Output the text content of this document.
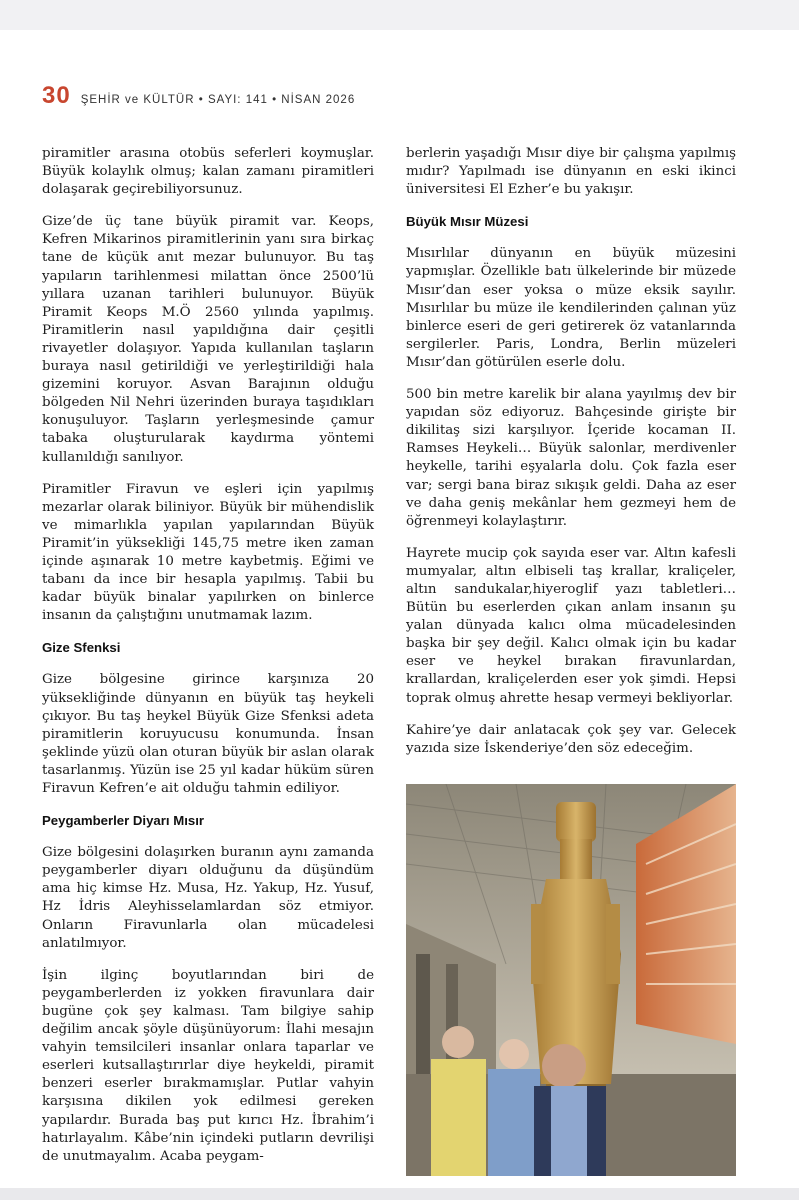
30 ŞEHİR ve KÜLTÜR • SAYI: 141 • NİSAN 2026

piramitler arasına otobüs seferleri koymuşlar. Büyük kolaylık olmuş; kalan zamanı piramitleri dolaşarak geçirebiliyorsunuz.

Gize’de üç tane büyük piramit var. Keops, Kefren Mikarinos piramitlerinin yanı sıra birkaç tane de küçük anıt mezar bulunuyor. Bu taş yapıların tarihlenmesi milattan önce 2500’lü yıllara uzanan tarihleri bulunuyor. Büyük Piramit Keops M.Ö 2560 yılında yapılmış. Piramitlerin nasıl yapıldığına dair çeşitli rivayetler dolaşıyor. Yapıda kullanılan taşların buraya nasıl getirildiği ve yerleştirildiği hala gizemini koruyor. Asvan Barajının olduğu bölgeden Nil Nehri üzerinden buraya taşıdıkları konuşuluyor. Taşların yerleşmesinde çamur tabaka oluşturularak kaydırma yöntemi kullanıldığı sanılıyor.

Piramitler Firavun ve eşleri için yapılmış mezarlar olarak biliniyor. Büyük bir mühendislik ve mimarlıkla yapılan yapılarından Büyük Piramit’in yüksekliği 145,75 metre iken zaman içinde aşınarak 10 metre kaybetmiş. Eğimi ve tabanı da ince bir hesapla yapılmış. Tabii bu kadar büyük binalar yapılırken on binlerce insanın da çalıştığını unutmamak lazım.

Gize Sfenksi

Gize bölgesine girince karşınıza 20 yüksekliğinde dünyanın en büyük taş heykeli çıkıyor. Bu taş heykel Büyük Gize Sfenksi adeta piramitlerin koruyucusu konumunda. İnsan şeklinde yüzü olan oturan büyük bir aslan olarak tasarlanmış. Yüzün ise 25 yıl kadar hüküm süren Firavun Kefren’e ait olduğu tahmin ediliyor.

Peygamberler Diyarı Mısır

Gize bölgesini dolaşırken buranın aynı zamanda peygamberler diyarı olduğunu da düşündüm ama hiç kimse Hz. Musa, Hz. Yakup, Hz. Yusuf, Hz İdris Aleyhisselamlardan söz etmiyor. Onların Firavunlarla olan mücadelesi anlatılmıyor.

İşin ilginç boyutlarından biri de peygamberlerden iz yokken firavunlara dair bugüne çok şey kalması. Tam bilgiye sahip değilim ancak şöyle düşünüyorum: İlahi mesajın vahyin temsilcileri insanlar onlara taparlar ve eserleri kutsallaştırırlar diye heykeldi, piramit benzeri eserler bırakmamışlar. Putlar vahyin karşısına dikilen yok edilmesi gereken yapılardır. Burada baş put kırıcı Hz. İbrahim’i hatırlayalım. Kâbe’nin içindeki putların devrilişi de unutmayalım. Acaba peygam-

berlerin yaşadığı Mısır diye bir çalışma yapılmış mıdır? Yapılmadı ise dünyanın en eski ikinci üniversitesi El Ezher’e bu yakışır.

Büyük Mısır Müzesi

Mısırlılar dünyanın en büyük müzesini yapmışlar. Özellikle batı ülkelerinde bir müzede Mısır’dan eser yoksa o müze eksik sayılır. Mısırlılar bu müze ile kendilerinden çalınan yüz binlerce eseri de geri getirerek öz vatanlarında sergilerler. Paris, Londra, Berlin müzeleri Mısır’dan götürülen eserle dolu.

500 bin metre karelik bir alana yayılmış dev bir yapıdan söz ediyoruz. Bahçesinde girişte bir dikilitaş sizi karşılıyor. İçeride kocaman II. Ramses Heykeli… Büyük salonlar, merdivenler heykelle, tarihi eşyalarla dolu. Çok fazla eser var; sergi bana biraz sıkışık geldi. Daha az eser ve daha geniş mekânlar hem gezmeyi hem de öğrenmeyi kolaylaştırır.

Hayrete mucip çok sayıda eser var. Altın kafesli mumyalar, altın elbiseli taş krallar, kraliçeler, altın sandukalar,hiyeroglif yazı tabletleri… Bütün bu eserlerden çıkan anlam insanın şu yalan dünyada kalıcı olma mücadelesinden başka bir şey değil. Kalıcı olmak için bu kadar eser ve heykel bırakan firavunlardan, krallardan, kraliçelerden eser yok şimdi. Hepsi toprak olmuş ahrette hesap vermeyi bekliyorlar.

Kahire’ye dair anlatacak çok şey var. Gelecek yazıda size İskenderiye’den söz edeceğim.
